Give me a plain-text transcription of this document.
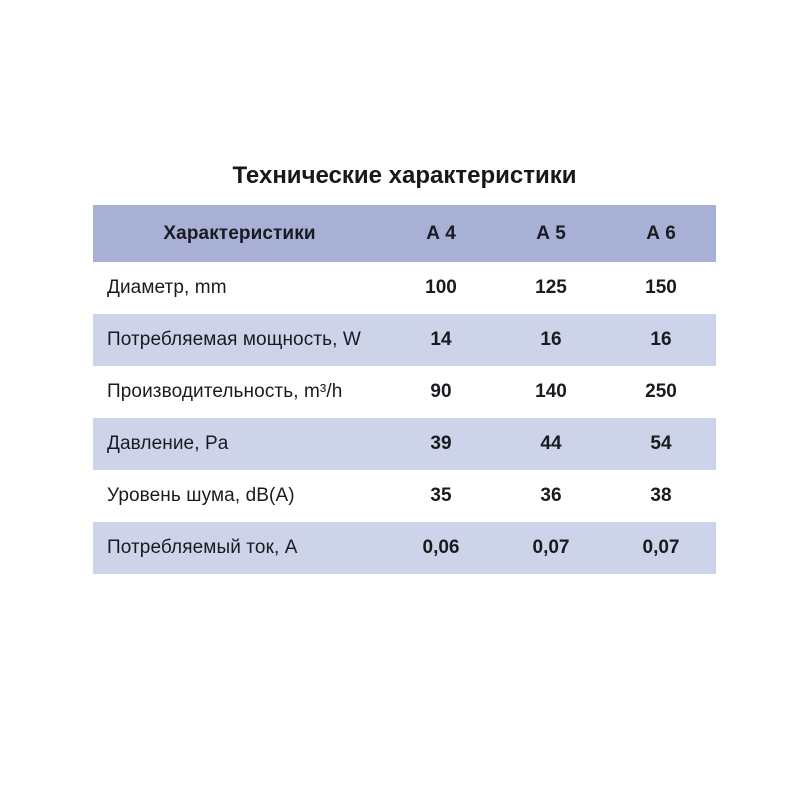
Технические характеристики
Характеристики	А 4	А 5	А 6
Диаметр, mm	100	125	150
Потребляемая мощность, W	14	16	16
Производительность, m³/h	90	140	250
Давление, Pa	39	44	54
Уровень шума, dB(A)	35	36	38
Потребляемый ток, A	0,06	0,07	0,07
